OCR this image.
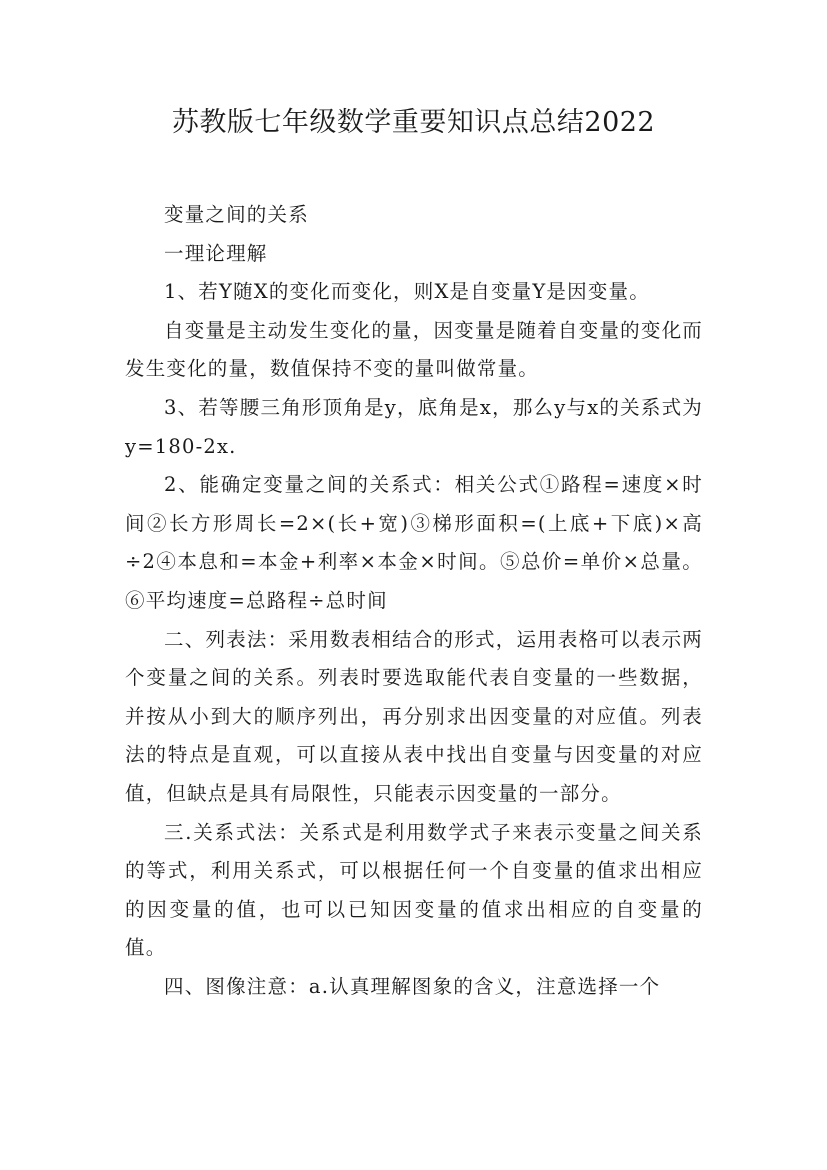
苏教版七年级数学重要知识点总结2022

变量之间的关系

一理论理解

1、若Y随X的变化而变化，则X是自变量Y是因变量。

自变量是主动发生变化的量，因变量是随着自变量的变化而发生变化的量，数值保持不变的量叫做常量。

3、若等腰三角形顶角是y，底角是x，那么y与x的关系式为y=180-2x.

2、能确定变量之间的关系式：相关公式①路程=速度×时间②长方形周长=2×(长+宽)③梯形面积=(上底+下底)×高÷2④本息和=本金+利率×本金×时间。⑤总价=单价×总量。⑥平均速度=总路程÷总时间

二、列表法：采用数表相结合的形式，运用表格可以表示两个变量之间的关系。列表时要选取能代表自变量的一些数据，并按从小到大的顺序列出，再分别求出因变量的对应值。列表法的特点是直观，可以直接从表中找出自变量与因变量的对应值，但缺点是具有局限性，只能表示因变量的一部分。

三.关系式法：关系式是利用数学式子来表示变量之间关系的等式，利用关系式，可以根据任何一个自变量的值求出相应的因变量的值，也可以已知因变量的值求出相应的自变量的值。

四、图像注意：a.认真理解图象的含义，注意选择一个
